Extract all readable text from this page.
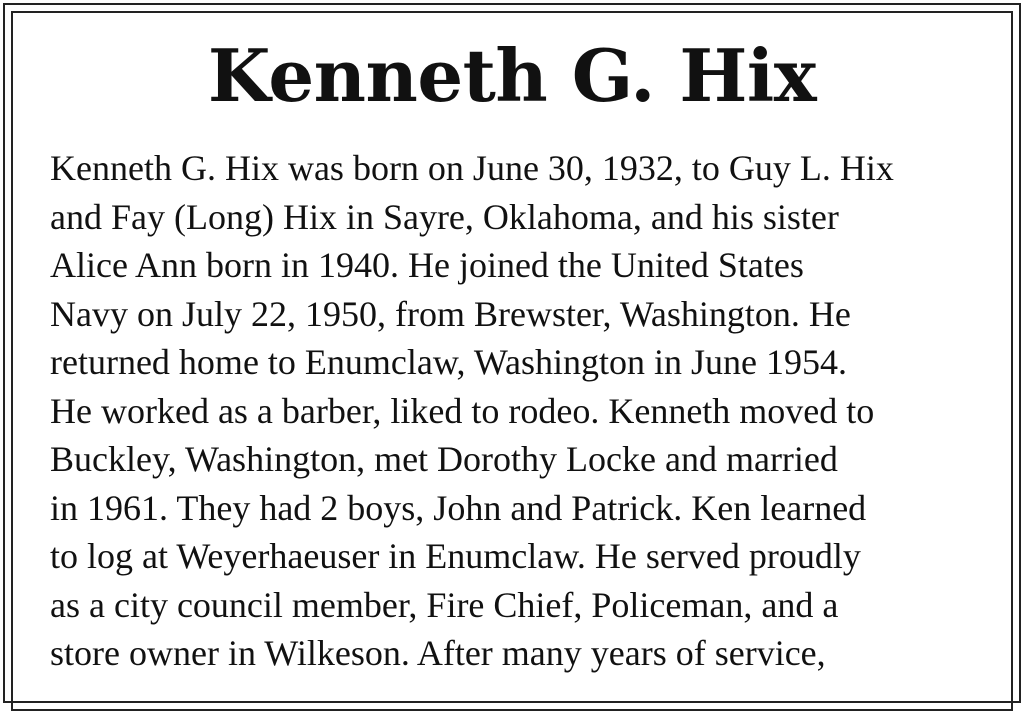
Kenneth G. Hix
Kenneth G. Hix was born on June 30, 1932, to Guy L. Hix
and Fay (Long) Hix in Sayre, Oklahoma, and his sister
Alice Ann born in 1940. He joined the United States
Navy on July 22, 1950, from Brewster, Washington. He
returned home to Enumclaw, Washington in June 1954.
He worked as a barber, liked to rodeo. Kenneth moved to
Buckley, Washington, met Dorothy Locke and married
in 1961. They had 2 boys, John and Patrick. Ken learned
to log at Weyerhaeuser in Enumclaw. He served proudly
as a city council member, Fire Chief, Policeman, and a
store owner in Wilkeson. After many years of service,
